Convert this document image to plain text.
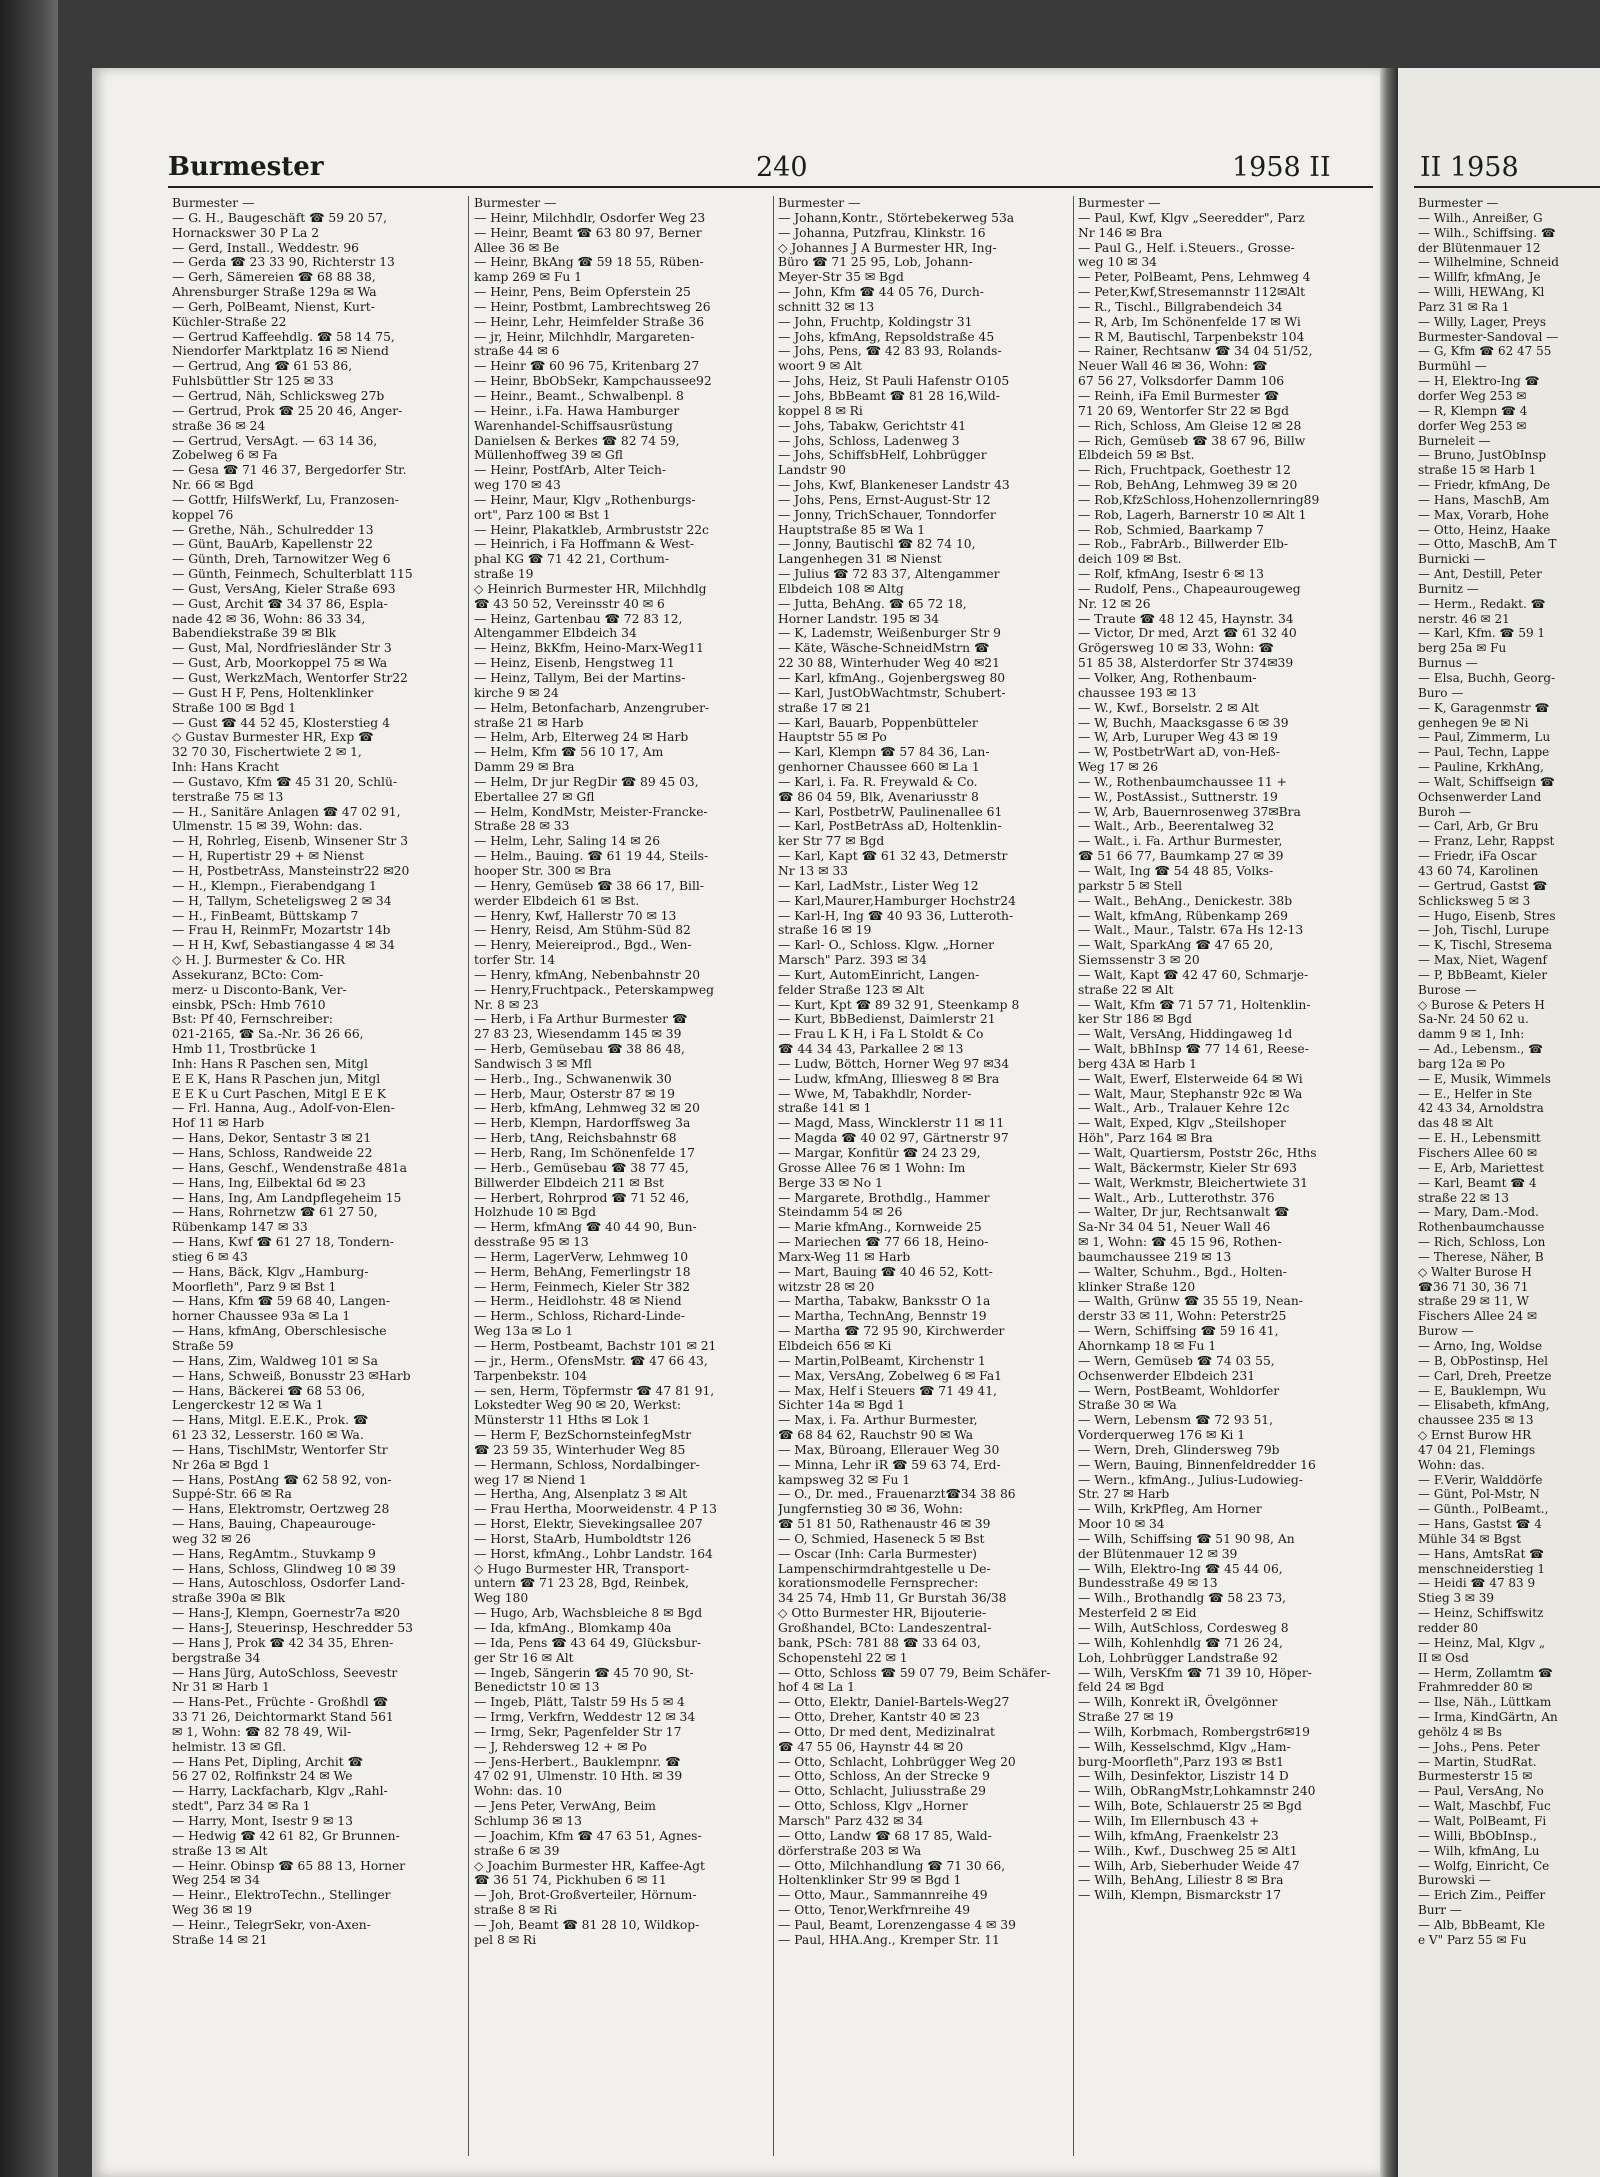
Burmester	240	1958 II	II 1958
Burmester —
— G. H., Baugeschäft ☎ 59 20 57,
Hornackswег 30 P La 2
— Gerd, Install., Weddestr. 96
— Gerda ☎ 23 33 90, Richterstr 13
— Gerh, Sämereien ☎ 68 88 38,
Ahrensburger Straße 129a ✉ Wa
— Gerh, PolBeamt, Nienst, Kurt-
Küchler-Straße 22
— Gertrud Kaffeehdlg. ☎ 58 14 75,
Niendorfer Marktplatz 16 ✉ Niend
— Gertrud, Ang ☎ 61 53 86,
Fuhlsbüttler Str 125 ✉ 33
— Gertrud, Näh, Schlicksweg 27b
— Gertrud, Prok ☎ 25 20 46, Anger-
straße 36 ✉ 24
— Gertrud, VersAgt. — 63 14 36,
Zobelweg 6 ✉ Fa
— Gesa ☎ 71 46 37, Bergedorfer Str.
Nr. 66 ✉ Bgd
— Gottfr, HilfsWerkf, Lu, Franzosen-
koppel 76
— Grethe, Näh., Schulredder 13
— Günt, BauArb, Kapellenstr 22
— Günth, Dreh, Tarnowitzer Weg 6
— Günth, Feinmech, Schulterblatt 115
— Gust, VersAng, Kieler Straße 693
— Gust, Archit ☎ 34 37 86, Espla-
nade 42 ✉ 36, Wohn: 86 33 34,
Babendiekstraße 39 ✉ Blk
— Gust, Mal, Nordfriesländer Str 3
— Gust, Arb, Moorkoppel 75 ✉ Wa
— Gust, WerkzMach, Wentorfer Str22
— Gust H F, Pens, Holtenklinker
Straße 100 ✉ Bgd 1
— Gust ☎ 44 52 45, Klosterstieg 4
◇ Gustav Burmester HR, Exp ☎
32 70 30, Fischertwiete 2 ✉ 1,
Inh: Hans Kracht
— Gustavo, Kfm ☎ 45 31 20, Schlü-
terstraße 75 ✉ 13
— H., Sanitäre Anlagen ☎ 47 02 91,
Ulmenstr. 15 ✉ 39, Wohn: das.
— H, Rohrleg, Eisenb, Winsener Str 3
— H, Rupertistr 29 + ✉ Nienst
— H, PostbetrAss, Mansteinstr22 ✉20
— H., Klempn., Fierabendgang 1
— H, Tallym, Scheteligsweg 2 ✉ 34
— H., FinBeamt, Büttskamp 7
— Frau H, ReinmFr, Mozartstr 14b
— H H, Kwf, Sebastiangasse 4 ✉ 34
◇ H. J. Burmester & Co. HR
Assekuranz, BCto: Com-
merz- u Disconto-Bank, Ver-
einsbk, PSch: Hmb 7610
Bst: Pf 40, Fernschreiber:
021-2165, ☎ Sa.-Nr. 36 26 66,
Hmb 11, Trostbrücke 1
Inh: Hans R Paschen sen, Mitgl
E E K, Hans R Paschen jun, Mitgl
E E K u Curt Paschen, Mitgl E E K
— Frl. Hanna, Aug., Adolf-von-Elen-
Hof 11 ✉ Harb
— Hans, Dekor, Sentastr 3 ✉ 21
— Hans, Schloss, Randweide 22
— Hans, Geschf., Wendenstraße 481a
— Hans, Ing, Eilbektal 6d ✉ 23
— Hans, Ing, Am Landpflegeheim 15
— Hans, Rohrnetzw ☎ 61 27 50,
Rübenkamp 147 ✉ 33
— Hans, Kwf ☎ 61 27 18, Tondern-
stieg 6 ✉ 43
— Hans, Bäck, Klgv „Hamburg-
Moorfleth", Parz 9 ✉ Bst 1
— Hans, Kfm ☎ 59 68 40, Langen-
horner Chaussee 93a ✉ La 1
— Hans, kfmAng, Oberschlesische
Straße 59
— Hans, Zim, Waldweg 101 ✉ Sa
— Hans, Schweiß, Bonusstr 23 ✉Harb
— Hans, Bäckerei ☎ 68 53 06,
Lengerckestr 12 ✉ Wa 1
— Hans, Mitgl. E.E.K., Prok. ☎
61 23 32, Lesserstr. 160 ✉ Wa.
— Hans, TischlMstr, Wentorfer Str
Nr 26a ✉ Bgd 1
— Hans, PostAng ☎ 62 58 92, von-
Suppé-Str. 66 ✉ Ra
— Hans, Elektromstr, Oertzweg 28
— Hans, Bauing, Chapeaurouge-
weg 32 ✉ 26
— Hans, RegAmtm., Stuvkamp 9
— Hans, Schloss, Glindweg 10 ✉ 39
— Hans, Autoschloss, Osdorfer Land-
straße 390a ✉ Blk
— Hans-J, Klempn, Goernestr7a ✉20
— Hans-J, Steuerinsp, Heschredder 53
— Hans J, Prok ☎ 42 34 35, Ehren-
bergstraße 34
— Hans Jürg, AutoSchloss, Seevestr
Nr 31 ✉ Harb 1
— Hans-Pet., Früchte - Großhdl ☎
33 71 26, Deichtormarkt Stand 561
✉ 1, Wohn: ☎ 82 78 49, Wil-
helmistr. 13 ✉ Gfl.
— Hans Pet, Dipling, Archit ☎
56 27 02, Rolfinkstr 24 ✉ We
— Harry, Lackfacharb, Klgv „Rahl-
stedt", Parz 34 ✉ Ra 1
— Harry, Mont, Isestr 9 ✉ 13
— Hedwig ☎ 42 61 82, Gr Brunnen-
straße 13 ✉ Alt
— Heinr. Obinsp ☎ 65 88 13, Horner
Weg 254 ✉ 34
— Heinr., ElektroTechn., Stellinger
Weg 36 ✉ 19
— Heinr., TelegrSekr, von-Axen-
Straße 14 ✉ 21
Burmester —
— Heinr, Milchhdlr, Osdorfer Weg 23
— Heinr, Beamt ☎ 63 80 97, Berner
Allee 36 ✉ Be
— Heinr, BkAng ☎ 59 18 55, Rüben-
kamp 269 ✉ Fu 1
— Heinr, Pens, Beim Opferstein 25
— Heinr, Postbmt, Lambrechtsweg 26
— Heinr, Lehr, Heimfelder Straße 36
— jr, Heinr, Milchhdlr, Margareten-
straße 44 ✉ 6
— Heinr ☎ 60 96 75, Kritenbarg 27
— Heinr, BbObSekr, Kampchaussee92
— Heinr., Beamt., Schwalbenpl. 8
— Heinr., i.Fa. Hawa Hamburger
Warenhandel-Schiffsausrüstung
Danielsen & Berkes ☎ 82 74 59,
Müllenhoffweg 39 ✉ Gfl
— Heinr, PostfArb, Alter Teich-
weg 170 ✉ 43
— Heinr, Maur, Klgv „Rothenburgs-
ort", Parz 100 ✉ Bst 1
— Heinr, Plakatkleb, Armbruststr 22c
— Heinrich, i Fa Hoffmann & West-
phal KG ☎ 71 42 21, Corthum-
straße 19
◇ Heinrich Burmester HR, Milchhdlg
☎ 43 50 52, Vereinsstr 40 ✉ 6
— Heinz, Gartenbau ☎ 72 83 12,
Altengammer Elbdeich 34
— Heinz, BkKfm, Heino-Marx-Weg11
— Heinz, Eisenb, Hengstweg 11
— Heinz, Tallym, Bei der Martins-
kirche 9 ✉ 24
— Helm, Betonfacharb, Anzengruber-
straße 21 ✉ Harb
— Helm, Arb, Elterweg 24 ✉ Harb
— Helm, Kfm ☎ 56 10 17, Am
Damm 29 ✉ Bra
— Helm, Dr jur RegDir ☎ 89 45 03,
Ebertallee 27 ✉ Gfl
— Helm, KondMstr, Meister-Francke-
Straße 28 ✉ 33
— Helm, Lehr, Saling 14 ✉ 26
— Helm., Bauing. ☎ 61 19 44, Steils-
hooper Str. 300 ✉ Bra
— Henry, Gemüseb ☎ 38 66 17, Bill-
werder Elbdeich 61 ✉ Bst.
— Henry, Kwf, Hallerstr 70 ✉ 13
— Henry, Reisd, Am Stühm-Süd 82
— Henry, Meiereiprod., Bgd., Wen-
torfer Str. 14
— Henry, kfmAng, Nebenbahnstr 20
— Henry,Fruchtpack., Peterskampweg
Nr. 8 ✉ 23
— Herb, i Fa Arthur Burmester ☎
27 83 23, Wiesendamm 145 ✉ 39
— Herb, Gemüsebau ☎ 38 86 48,
Sandwisch 3 ✉ Mfl
— Herb., Ing., Schwanenwik 30
— Herb, Maur, Osterstr 87 ✉ 19
— Herb, kfmAng, Lehmweg 32 ✉ 20
— Herb, Klempn, Hardorffsweg 3a
— Herb, tAng, Reichsbahnstr 68
— Herb, Rang, Im Schönenfelde 17
— Herb., Gemüsebau ☎ 38 77 45,
Billwerder Elbdeich 211 ✉ Bst
— Herbert, Rohrprod ☎ 71 52 46,
Holzhude 10 ✉ Bgd
— Herm, kfmAng ☎ 40 44 90, Bun-
desstraße 95 ✉ 13
— Herm, LagerVerw, Lehmweg 10
— Herm, BehAng, Femerlingstr 18
— Herm, Feinmech, Kieler Str 382
— Herm., Heidlohstr. 48 ✉ Niend
— Herm., Schloss, Richard-Linde-
Weg 13a ✉ Lo 1
— Herm, Postbeamt, Bachstr 101 ✉ 21
— jr., Herm., OfensMstr. ☎ 47 66 43,
Tarpenbekstr. 104
— sen, Herm, Töpfermstr ☎ 47 81 91,
Lokstedter Weg 90 ✉ 20, Werkst:
Münsterstr 11 Hths ✉ Lok 1
— Herm F, BezSchornsteinfegMstr
☎ 23 59 35, Winterhuder Weg 85
— Hermann, Schloss, Nordalbinger-
weg 17 ✉ Niend 1
— Hertha, Ang, Alsenplatz 3 ✉ Alt
— Frau Hertha, Moorweidenstr. 4 P 13
— Horst, Elektr, Sievekingsallee 207
— Horst, StaArb, Humboldtstr 126
— Horst, kfmAng., Lohbr Landstr. 164
◇ Hugo Burmester HR, Transport-
untern ☎ 71 23 28, Bgd, Reinbek,
Weg 180
— Hugo, Arb, Wachsbleiche 8 ✉ Bgd
— Ida, kfmAng., Blomkamp 40a
— Ida, Pens ☎ 43 64 49, Glücksbur-
ger Str 16 ✉ Alt
— Ingeb, Sängerin ☎ 45 70 90, St-
Benedictstr 10 ✉ 13
— Ingeb, Plätt, Talstr 59 Hs 5 ✉ 4
— Irmg, Verkfrn, Weddestr 12 ✉ 34
— Irmg, Sekr, Pagenfelder Str 17
— J, Rehderswеg 12 + ✉ Po
— Jens-Herbert., Bauklempnr. ☎
47 02 91, Ulmenstr. 10 Hth. ✉ 39
Wohn: das. 10
— Jens Peter, VerwAng, Beim
Schlump 36 ✉ 13
— Joachim, Kfm ☎ 47 63 51, Agnes-
straße 6 ✉ 39
◇ Joachim Burmester HR, Kaffee-Agt
☎ 36 51 74, Pickhuben 6 ✉ 11
— Joh, Brot-Großverteiler, Hörnum-
straße 8 ✉ Ri
— Joh, Beamt ☎ 81 28 10, Wildkop-
pel 8 ✉ Ri
Burmester —
— Johann,Kontr., Störtebekerweg 53a
— Johanna, Putzfrau, Klinkstr. 16
◇ Johannes J A Burmester HR, Ing-
Büro ☎ 71 25 95, Lob, Johann-
Meyer-Str 35 ✉ Bgd
— John, Kfm ☎ 44 05 76, Durch-
schnitt 32 ✉ 13
— John, Fruchtp, Koldingstr 31
— Johs, kfmAng, Repsoldstraße 45
— Johs, Pens, ☎ 42 83 93, Rolands-
woort 9 ✉ Alt
— Johs, Heiz, St Pauli Hafenstr O105
— Johs, BbBeamt ☎ 81 28 16,Wild-
koppel 8 ✉ Ri
— Johs, Tabakw, Gerichtstr 41
— Johs, Schloss, Ladenweg 3
— Johs, SchiffsbHelf, Lohbrügger
Landstr 90
— Johs, Kwf, Blankeneser Landstr 43
— Johs, Pens, Ernst-August-Str 12
— Jonny, TrichSchauer, Tonndorfer
Hauptstraße 85 ✉ Wa 1
— Jonny, Bautischl ☎ 82 74 10,
Langenhegen 31 ✉ Nienst
— Julius ☎ 72 83 37, Altengammer
Elbdeich 108 ✉ Altg
— Jutta, BehAng. ☎ 65 72 18,
Horner Landstr. 195 ✉ 34
— K, Lademstr, Weißenburger Str 9
— Käte, Wäsche-SchneidMstrn ☎
22 30 88, Winterhuder Weg 40 ✉21
— Karl, kfmAng., Gojenbergsweg 80
— Karl, JustObWachtmstr, Schubert-
straße 17 ✉ 21
— Karl, Bauarb, Poppenbütteler
Hauptstr 55 ✉ Po
— Karl, Klempn ☎ 57 84 36, Lan-
genhorner Chaussee 660 ✉ La 1
— Karl, i. Fa. R. Freywald & Co.
☎ 86 04 59, Blk, Avenariusstr 8
— Karl, PostbetrW, Paulinenallee 61
— Karl, PostBetrAss aD, Holtenklin-
ker Str 77 ✉ Bgd
— Karl, Kapt ☎ 61 32 43, Detmerstr
Nr 13 ✉ 33
— Karl, LadMstr., Lister Weg 12
— Karl,Maurer,Hamburger Hochstr24
— Karl-H, Ing ☎ 40 93 36, Lutteroth-
straße 16 ✉ 19
— Karl- O., Schloss. Klgw. „Horner
Marsch" Parz. 393 ✉ 34
— Kurt, AutomEinricht, Langen-
felder Straße 123 ✉ Alt
— Kurt, Kpt ☎ 89 32 91, Steenkamp 8
— Kurt, BbBedienst, Daimlerstr 21
— Frau L K H, i Fa L Stoldt & Co
☎ 44 34 43, Parkallee 2 ✉ 13
— Ludw, Böttch, Horner Weg 97 ✉34
— Ludw, kfmAng, Illiesweg 8 ✉ Bra
— Wwe, M, Tabakhdlr, Norder-
straße 141 ✉ 1
— Magd, Mass, Wincklerstr 11 ✉ 11
— Magda ☎ 40 02 97, Gärtnerstr 97
— Margar, Konfitür ☎ 24 23 29,
Grosse Allee 76 ✉ 1 Wohn: Im
Berge 33 ✉ No 1
— Margarete, Brothdlg., Hammer
Steindamm 54 ✉ 26
— Marie kfmAng., Kornweide 25
— Mariechen ☎ 77 66 18, Heino-
Marx-Weg 11 ✉ Harb
— Mart, Bauing ☎ 40 46 52, Kott-
witzstr 28 ✉ 20
— Martha, Tabakw, Banksstr O 1a
— Martha, TechnAng, Bennstr 19
— Martha ☎ 72 95 90, Kirchwerder
Elbdeich 656 ✉ Ki
— Martin,PolBeamt, Kirchenstr 1
— Max, VersAng, Zobelweg 6 ✉ Fa1
— Max, Helf i Steuers ☎ 71 49 41,
Sichter 14a ✉ Bgd 1
— Max, i. Fa. Arthur Burmester,
☎ 68 84 62, Rauchstr 90 ✉ Wa
— Max, Büroang, Elleraueг Weg 30
— Minna, Lehr iR ☎ 59 63 74, Erd-
kampsweg 32 ✉ Fu 1
— O., Dr. med., Frauenarzt☎34 38 86
Jungfernstieg 30 ✉ 36, Wohn:
☎ 51 81 50, Rathenaustr 46 ✉ 39
— O, Schmied, Haseneck 5 ✉ Bst
— Oscar (Inh: Carla Burmester)
Lampenschirmdrahtgestelle u De-
korationsmodelle Fernsprecher:
34 25 74, Hmb 11, Gr Burstah 36/38
◇ Otto Burmester HR, Bijouterie-
Großhandel, BCto: Landeszentral-
bank, PSch: 781 88 ☎ 33 64 03,
Schopenstehl 22 ✉ 1
— Otto, Schloss ☎ 59 07 79, Beim Schäfer-
hof 4 ✉ La 1
— Otto, Elektr, Daniel-Bartels-Weg27
— Otto, Dreher, Kantstr 40 ✉ 23
— Otto, Dr med dent, Medizinalrat
☎ 47 55 06, Haynstr 44 ✉ 20
— Otto, Schlacht, Lohbrügger Weg 20
— Otto, Schloss, An der Strecke 9
— Otto, Schlacht, Juliusstraße 29
— Otto, Schloss, Klgv „Horner
Marsch" Parz 432 ✉ 34
— Otto, Landw ☎ 68 17 85, Wald-
dörferstraße 203 ✉ Wa
— Otto, Milchhandlung ☎ 71 30 66,
Holtenklinker Str 99 ✉ Bgd 1
— Otto, Maur., Sammannreihe 49
— Otto, Tenor,Werkfrnreihe 49
— Paul, Beamt, Lorenzengasse 4 ✉ 39
— Paul, HHA.Ang., Kremper Str. 11
Burmester —
— Paul, Kwf, Klgv „Seeredder", Parz
Nr 146 ✉ Bra
— Paul G., Helf. i.Steuers., Grosse-
weg 10 ✉ 34
— Peter, PolBeamt, Pens, Lehmweg 4
— Peter,Kwf,Stresemannstr 112✉Alt
— R., Tischl., Billgrabendeich 34
— R, Arb, Im Schönenfelde 17 ✉ Wi
— R M, Bautischl, Tarpenbekstr 104
— Rainer, Rechtsanw ☎ 34 04 51/52,
Neuer Wall 46 ✉ 36, Wohn: ☎
67 56 27, Volksdorfer Damm 106
— Reinh, iFa Emil Burmester ☎
71 20 69, Wentorfer Str 22 ✉ Bgd
— Rich, Schloss, Am Gleise 12 ✉ 28
— Rich, Gemüseb ☎ 38 67 96, Billw
Elbdeich 59 ✉ Bst.
— Rich, Fruchtpack, Goethestr 12
— Rob, BehAng, Lehmweg 39 ✉ 20
— Rob,KfzSchloss,Hohenzollernring89
— Rob, Lagerh, Barnerstr 10 ✉ Alt 1
— Rob, Schmied, Baarkamp 7
— Rob., FabrArb., Billwerder Elb-
deich 109 ✉ Bst.
— Rolf, kfmAng, Isestr 6 ✉ 13
— Rudolf, Pens., Chapeaurougeweg
Nr. 12 ✉ 26
— Traute ☎ 48 12 45, Haynstr. 34
— Victor, Dr med, Arzt ☎ 61 32 40
Grögersweg 10 ✉ 33, Wohn: ☎
51 85 38, Alsterdorfer Str 374✉39
— Volker, Ang, Rothenbaum-
chaussee 193 ✉ 13
— W., Kwf., Borselstr. 2 ✉ Alt
— W, Buchh, Maacksgasse 6 ✉ 39
— W, Arb, Luruper Weg 43 ✉ 19
— W, PostbetrWart aD, von-Heß-
Weg 17 ✉ 26
— W., Rothenbaumchaussee 11 +
— W., PostAssist., Suttnerstr. 19
— W, Arb, Bauernrosenweg 37✉Bra
— Walt., Arb., Beerentalweg 32
— Walt., i. Fa. Arthur Burmester,
☎ 51 66 77, Baumkamp 27 ✉ 39
— Walt, Ing ☎ 54 48 85, Volks-
parkstr 5 ✉ Stell
— Walt., BehAng., Denickestr. 38b
— Walt, kfmAng, Rübenkamp 269
— Walt., Maur., Talstr. 67a Hs 12-13
— Walt, SparkAng ☎ 47 65 20,
Siemssenstr 3 ✉ 20
— Walt, Kapt ☎ 42 47 60, Schmarje-
straße 22 ✉ Alt
— Walt, Kfm ☎ 71 57 71, Holtenklin-
ker Str 186 ✉ Bgd
— Walt, VersAng, Hiddingaweg 1d
— Walt, bBhInsp ☎ 77 14 61, Reese-
berg 43A ✉ Harb 1
— Walt, Ewerf, Elsterweide 64 ✉ Wi
— Walt, Maur, Stephanstr 92c ✉ Wa
— Walt., Arb., Tralauer Kehre 12c
— Walt, Exped, Klgv „Steilshoper
Höh", Parz 164 ✉ Bra
— Walt, Quartiersm, Poststr 26c, Hths
— Walt, Bäckermstr, Kieler Str 693
— Walt, Werkmstr, Bleichertwiete 31
— Walt., Arb., Lutterothstr. 376
— Walter, Dr jur, Rechtsanwalt ☎
Sa-Nr 34 04 51, Neuer Wall 46
✉ 1, Wohn: ☎ 45 15 96, Rothen-
baumchaussee 219 ✉ 13
— Walter, Schuhm., Bgd., Holten-
klinker Straße 120
— Walth, Grünw ☎ 35 55 19, Nean-
derstr 33 ✉ 11, Wohn: Peterstr25
— Wern, Schiffsing ☎ 59 16 41,
Ahornkamp 18 ✉ Fu 1
— Wern, Gemüseb ☎ 74 03 55,
Ochsenwerder Elbdeich 231
— Wern, PostBeamt, Wohldorfer
Straße 30 ✉ Wa
— Wern, Lebensm ☎ 72 93 51,
Vorderquerweg 176 ✉ Ki 1
— Wern, Dreh, Glindersweg 79b
— Wern, Bauing, Binnenfeldredder 16
— Wern., kfmAng., Julius-Ludowieg-
Str. 27 ✉ Harb
— Wilh, KrkPfleg, Am Horner
Moor 10 ✉ 34
— Wilh, Schiffsing ☎ 51 90 98, An
der Blütenmauer 12 ✉ 39
— Wilh, Elektro-Ing ☎ 45 44 06,
Bundesstraße 49 ✉ 13
— Wilh., Brothandlg ☎ 58 23 73,
Mesterfeld 2 ✉ Eid
— Wilh, AutSchloss, Cordesweg 8
— Wilh, Kohlenhdlg ☎ 71 26 24,
Loh, Lohbrügger Landstraße 92
— Wilh, VersKfm ☎ 71 39 10, Höper-
feld 24 ✉ Bgd
— Wilh, Konrekt iR, Övelgönner
Straße 27 ✉ 19
— Wilh, Korbmach, Rombergstr6✉19
— Wilh, Kesselschmd, Klgv „Ham-
burg-Moorfleth",Parz 193 ✉ Bst1
— Wilh, Desinfektor, Liszistr 14 D
— Wilh, ObRangMstr,Lohkamnstr 240
— Wilh, Bote, Schlauerstr 25 ✉ Bgd
— Wilh, Im Ellernbusch 43 +
— Wilh, kfmAng, Fraenkelstr 23
— Wilh., Kwf., Duschweg 25 ✉ Alt1
— Wilh, Arb, Sieberhuder Weide 47
— Wilh, BehAng, Liliestr 8 ✉ Bra
— Wilh, Klempn, Bismarckstr 17
Burmester —
— Wilh., Anreißer, G
— Wilh., Schiffsing. ☎
der Blütenmauer 12
— Wilhelmine, Schneid
— Willfr, kfmAng, Je
— Willi, HEWAng, Kl
Parz 31 ✉ Ra 1
— Willy, Lager, Preys
Burmester-Sandoval —
— G, Kfm ☎ 62 47 55
Burmühl —
— H, Elektro-Ing ☎
dorfer Weg 253 ✉
— R, Klempn ☎ 4
dorfer Weg 253 ✉
Burneleit —
— Bruno, JustObInsp
straße 15 ✉ Harb 1
— Friedr, kfmAng, De
— Hans, MaschB, Am
— Max, Vorarb, Hohe
— Otto, Heinz, Haake
— Otto, MaschB, Am T
Burnicki —
— Ant, Destill, Peter
Burnitz —
— Herm., Redakt. ☎
nerstr. 46 ✉ 21
— Karl, Kfm. ☎ 59 1
berg 25a ✉ Fu
Burnus —
— Elsa, Buchh, Georg-
Buro —
— K, Garagenmstr ☎
genhegen 9e ✉ Ni
— Paul, Zimmerm, Lu
— Paul, Techn, Lappe
— Pauline, KrkhAng,
— Walt, Schiffseign ☎
Ochsenwerder Land
Buroh —
— Carl, Arb, Gr Bru
— Franz, Lehr, Rappst
— Friedr, iFa Oscar
43 60 74, Karolinen
— Gertrud, Gastst ☎
Schlicksweg 5 ✉ 3
— Hugo, Eisenb, Stres
— Joh, Tischl, Lurupe
— K, Tischl, Stresema
— Max, Niet, Wagenf
— P, BbBeamt, Kieler
Burose —
◇ Burose & Peters H
Sa-Nr. 24 50 62 u.
damm 9 ✉ 1, Inh:
— Ad., Lebensm., ☎
barg 12a ✉ Po
— E, Musik, Wimmels
— E., Helfer in Ste
42 43 34, Arnoldstra
das 48 ✉ Alt
— E. H., Lebensmitt
Fischers Allee 60 ✉
— E, Arb, Mariettest
— Karl, Beamt ☎ 4
straße 22 ✉ 13
— Mary, Dam.-Mod.
Rothenbaumchausse
— Rich, Schloss, Lon
— Therese, Näher, B
◇ Walter Burose H
☎36 71 30, 36 71
straße 29 ✉ 11, W
Fischers Allee 24 ✉
Burow —
— Arno, Ing, Woldse
— B, ObPostinsp, Hel
— Carl, Dreh, Preetze
— E, Bauklempn, Wu
— Elisabeth, kfmAng,
chaussee 235 ✉ 13
◇ Ernst Burow HR
47 04 21, Flemings
Wohn: das.
— F.Verir, Walddörfe
— Günt, Pol-Mstr, N
— Günth., PolBeamt.,
— Hans, Gastst ☎ 4
Mühle 34 ✉ Bgst
— Hans, AmtsRat ☎
menschneiderstieg 1
— Heidi ☎ 47 83 9
Stieg 3 ✉ 39
— Heinz, Schiffswitz
redder 80
— Heinz, Mal, Klgv „
II ✉ Osd
— Herm, Zollamtm ☎
Frahmredder 80 ✉
— Ilse, Näh., Lüttkam
— Irma, KindGärtn, An
gehölz 4 ✉ Bs
— Johs., Pens. Peter
— Martin, StudRat.
Burmesterstr 15 ✉
— Paul, VersAng, No
— Walt, Maschbf, Fuc
— Walt, PolBeamt, Fi
— Willi, BbObInsp.,
— Wilh, kfmAng, Lu
— Wolfg, Einricht, Ce
Burowski —
— Erich Zim., Peiffer
Burr —
— Alb, BbBeamt, Kle
e V" Parz 55 ✉ Fu
